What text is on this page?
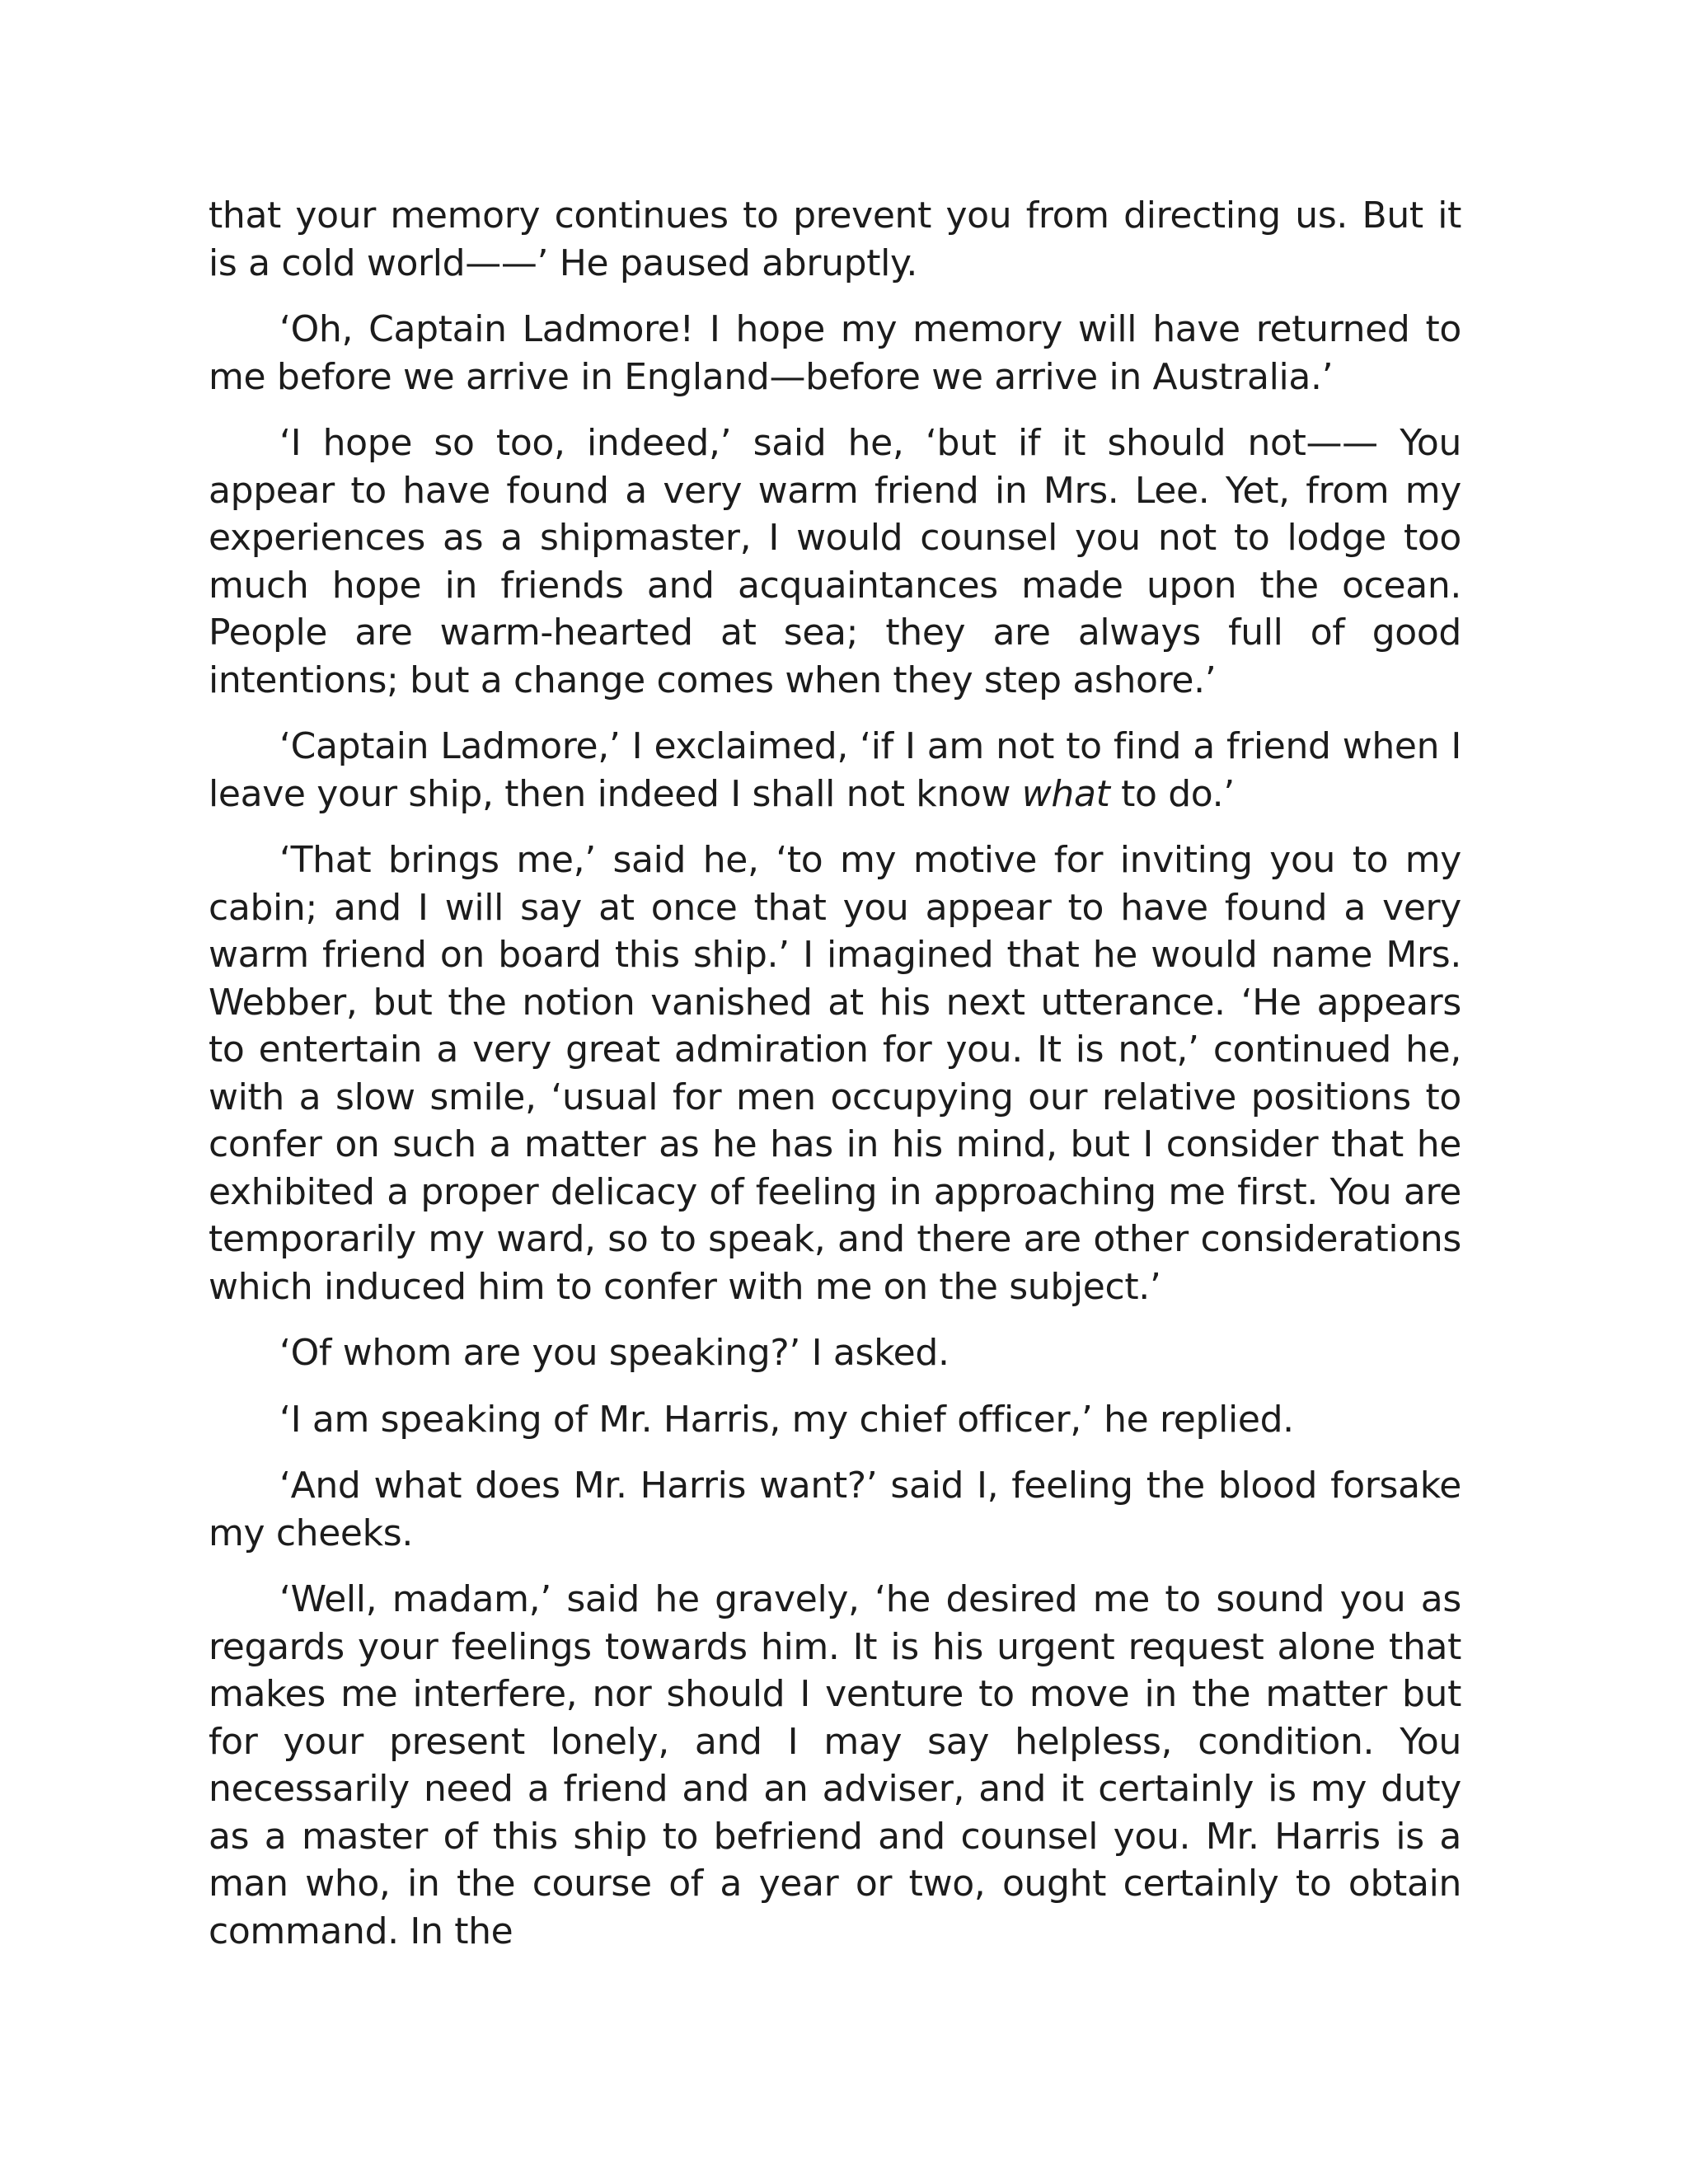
that your memory continues to prevent you from directing us. But it is a cold world——’ He paused abruptly.

‘Oh, Captain Ladmore! I hope my memory will have returned to me before we arrive in England—before we arrive in Australia.’

‘I hope so too, indeed,’ said he, ‘but if it should not—— You appear to have found a very warm friend in Mrs. Lee. Yet, from my experiences as a shipmaster, I would counsel you not to lodge too much hope in friends and acquaintances made upon the ocean. People are warm-hearted at sea; they are always full of good intentions; but a change comes when they step ashore.’

‘Captain Ladmore,’ I exclaimed, ‘if I am not to find a friend when I leave your ship, then indeed I shall not know what to do.’

‘That brings me,’ said he, ‘to my motive for inviting you to my cabin; and I will say at once that you appear to have found a very warm friend on board this ship.’ I imagined that he would name Mrs. Webber, but the notion vanished at his next utterance. ‘He appears to entertain a very great admiration for you. It is not,’ continued he, with a slow smile, ‘usual for men occupying our relative positions to confer on such a matter as he has in his mind, but I consider that he exhibited a proper delicacy of feeling in approaching me first. You are temporarily my ward, so to speak, and there are other considerations which induced him to confer with me on the subject.’

‘Of whom are you speaking?’ I asked.

‘I am speaking of Mr. Harris, my chief officer,’ he replied.

‘And what does Mr. Harris want?’ said I, feeling the blood forsake my cheeks.

‘Well, madam,’ said he gravely, ‘he desired me to sound you as regards your feelings towards him. It is his urgent request alone that makes me interfere, nor should I venture to move in the matter but for your present lonely, and I may say helpless, condition. You necessarily need a friend and an adviser, and it certainly is my duty as a master of this ship to befriend and counsel you. Mr. Harris is a man who, in the course of a year or two, ought certainly to obtain command. In the
